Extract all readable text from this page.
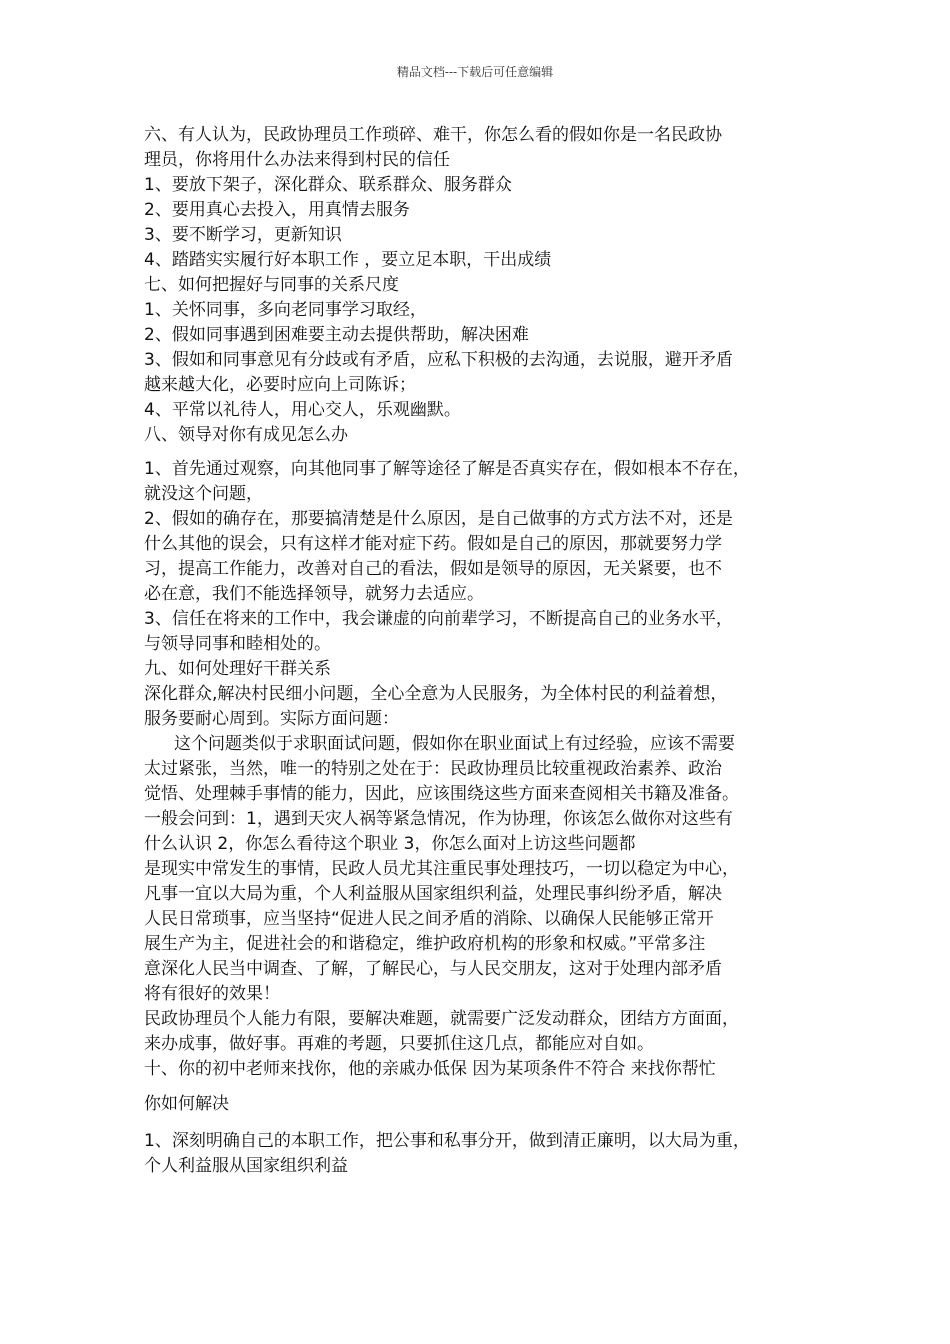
精品文档---下载后可任意编辑
六、有人认为，民政协理员工作琐碎、难干，你怎么看的假如你是一名民政协
理员，你将用什么办法来得到村民的信任
1、要放下架子，深化群众、联系群众、服务群众
2、要用真心去投入，用真情去服务
3、要不断学习，更新知识
4、踏踏实实履行好本职工作 ，要立足本职，干出成绩
七、如何把握好与同事的关系尺度
1、关怀同事，多向老同事学习取经，
2、假如同事遇到困难要主动去提供帮助，解决困难
3、假如和同事意见有分歧或有矛盾，应私下积极的去沟通，去说服，避开矛盾
越来越大化，必要时应向上司陈诉；
4、平常以礼待人，用心交人，乐观幽默。
八、领导对你有成见怎么办
1、首先通过观察，向其他同事了解等途径了解是否真实存在，假如根本不存在，
就没这个问题，
2、假如的确存在，那要搞清楚是什么原因，是自己做事的方式方法不对，还是
什么其他的误会，只有这样才能对症下药。假如是自己的原因，那就要努力学
习，提高工作能力，改善对自己的看法，假如是领导的原因，无关紧要，也不
必在意，我们不能选择领导，就努力去适应。
3、信任在将来的工作中，我会谦虚的向前辈学习，不断提高自己的业务水平，
与领导同事和睦相处的。
九、如何处理好干群关系
深化群众,解决村民细小问题，全心全意为人民服务，为全体村民的利益着想，
服务要耐心周到。实际方面问题：
这个问题类似于求职面试问题，假如你在职业面试上有过经验，应该不需要
太过紧张，当然，唯一的特别之处在于：民政协理员比较重视政治素养、政治
觉悟、处理棘手事情的能力，因此，应该围绕这些方面来查阅相关书籍及准备。
一般会问到：1，遇到天灾人祸等紧急情况，作为协理，你该怎么做你对这些有
什么认识 2，你怎么看待这个职业 3，你怎么面对上访这些问题都
是现实中常发生的事情，民政人员尤其注重民事处理技巧，一切以稳定为中心，
凡事一宜以大局为重，个人利益服从国家组织利益，处理民事纠纷矛盾，解决
人民日常琐事，应当坚持“促进人民之间矛盾的消除、以确保人民能够正常开
展生产为主，促进社会的和谐稳定，维护政府机构的形象和权威。”平常多注
意深化人民当中调查、了解，了解民心，与人民交朋友，这对于处理内部矛盾
将有很好的效果！
民政协理员个人能力有限，要解决难题，就需要广泛发动群众，团结方方面面，
来办成事，做好事。再难的考题，只要抓住这几点，都能应对自如。
十、你的初中老师来找你，他的亲戚办低保 因为某项条件不符合 来找你帮忙
你如何解决
1、深刻明确自己的本职工作，把公事和私事分开，做到清正廉明，以大局为重，
个人利益服从国家组织利益
